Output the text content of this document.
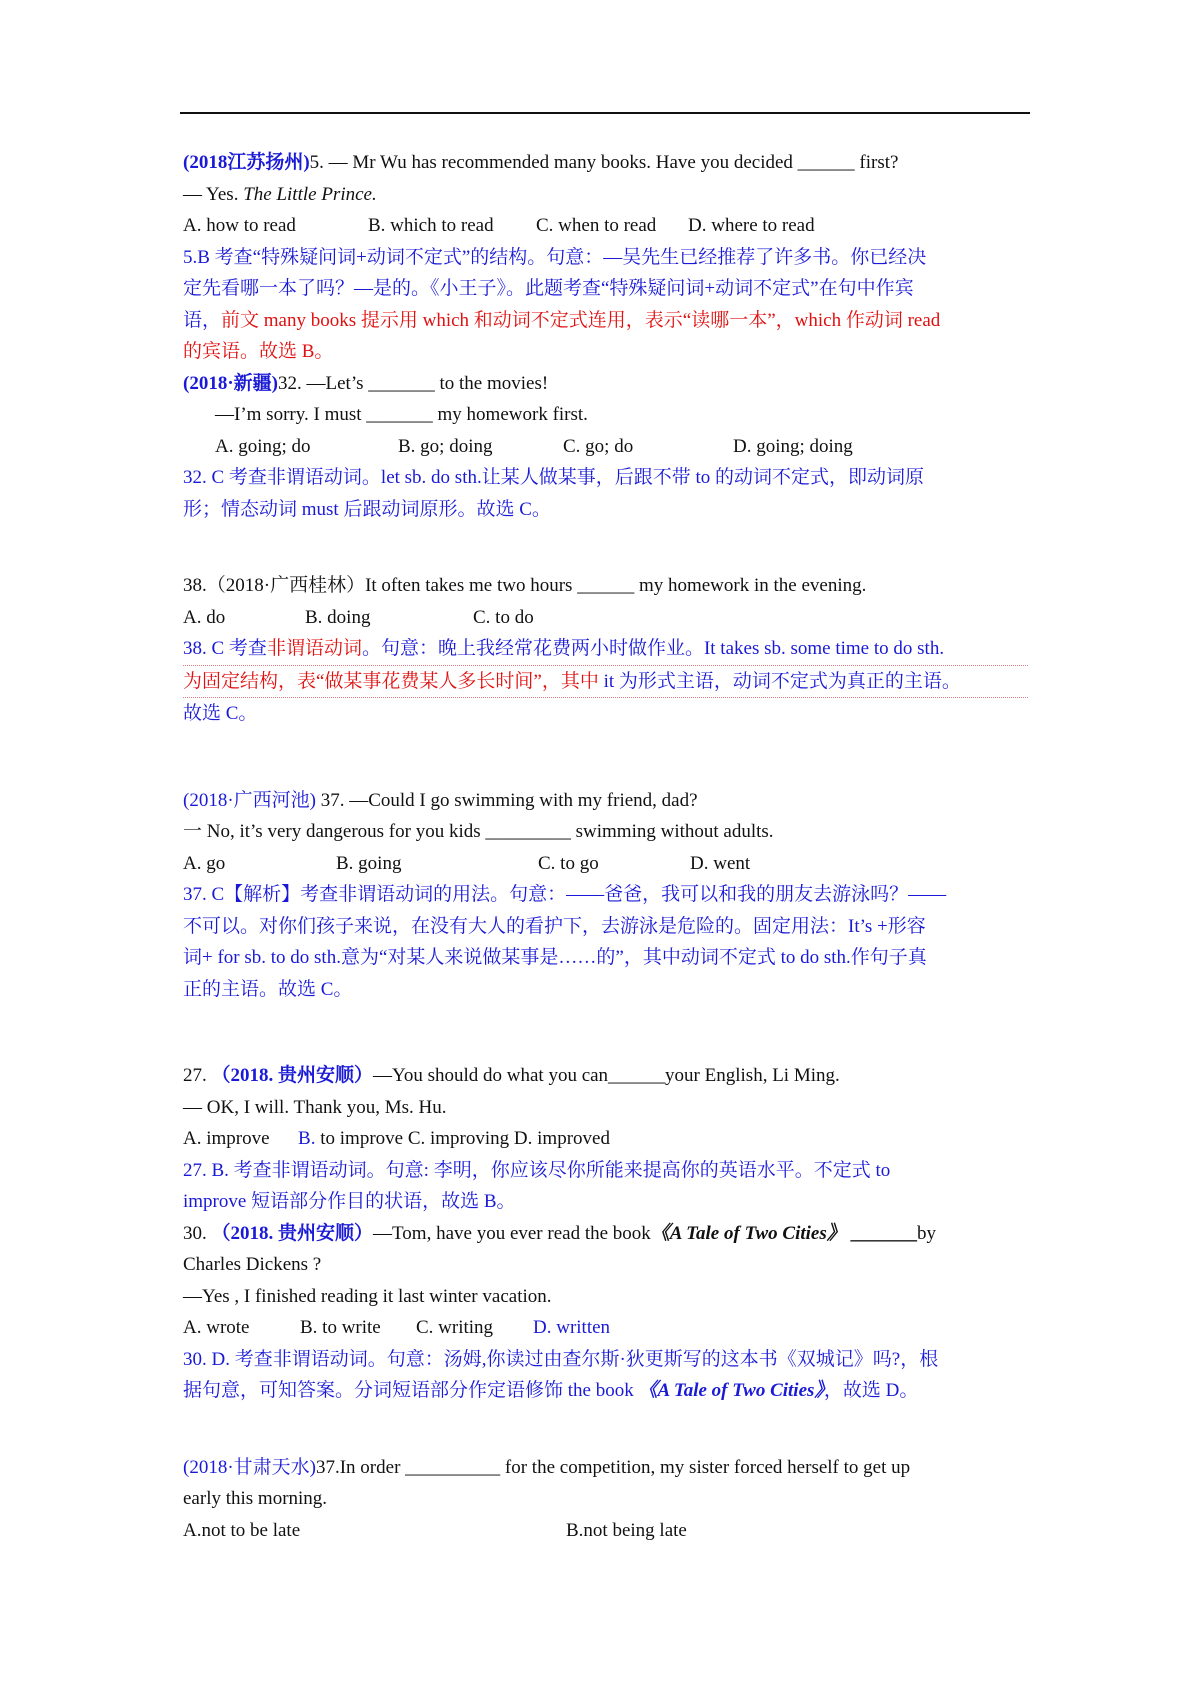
(2018江苏扬州)5. — Mr Wu has recommended many books. Have you decided ______ first?
— Yes. The Little Prince.
A. how to read	B. which to read C. when to read D. where to read
5.B 考查“特殊疑问词+动词不定式”的结构。句意：—吴先生已经推荐了许多书。你已经决
定先看哪一本了吗？—是的。《小王子》。此题考查“特殊疑问词+动词不定式”在句中作宾
语，前文 many books 提示用 which 和动词不定式连用，表示“读哪一本”，which 作动词 read
的宾语。故选 B。
(2018·新疆)32. —Let’s _______ to the movies!
—I’m sorry. I must _______ my homework first.
A. going; do	B. go; doing	C. go; do	D. going; doing
32. C 考查非谓语动词。let sb. do sth.让某人做某事，后跟不带 to 的动词不定式，即动词原
形；情态动词 must 后跟动词原形。故选 C。
38.（2018·广西桂林）It often takes me two hours ______ my homework in the evening.
A. do	B. doing	C. to do
38. C 考查非谓语动词。句意：晚上我经常花费两小时做作业。It takes sb. some time to do sth.
为固定结构，表“做某事花费某人多长时间”，其中 it 为形式主语，动词不定式为真正的主语。
故选 C。
(2018·广西河池) 37. —Could I go swimming with my friend, dad?
一 No, it’s very dangerous for you kids _________ swimming without adults.
A. go	B. going	C. to go	D. went
37. C【解析】考查非谓语动词的用法。句意：——爸爸，我可以和我的朋友去游泳吗？——
不可以。对你们孩子来说，在没有大人的看护下，去游泳是危险的。固定用法：It’s +形容
词+ for sb. to do sth.意为“对某人来说做某事是……的”，其中动词不定式 to do sth.作句子真
正的主语。故选 C。
27. （2018. 贵州安顺）—You should do what you can______your English, Li Ming.
— OK, I will. Thank you, Ms. Hu.
A. improve B. to improve C. improving D. improved
27. B. 考查非谓语动词。句意: 李明，你应该尽你所能来提高你的英语水平。不定式 to
improve 短语部分作目的状语，故选 B。
30. （2018. 贵州安顺）—Tom, have you ever read the book《A Tale of Two Cities》 _______by
Charles Dickens ?
—Yes , I finished reading it last winter vacation.
A. wrote	B. to write C. writing D. written
30. D. 考查非谓语动词。句意：汤姆,你读过由查尔斯·狄更斯写的这本书《双城记》吗?，根
据句意，可知答案。分词短语部分作定语修饰 the book 《A Tale of Two Cities》，故选 D。
(2018·甘肃天水)37.In order __________ for the competition, my sister forced herself to get up
early this morning.
A.not to be late	B.not being late
